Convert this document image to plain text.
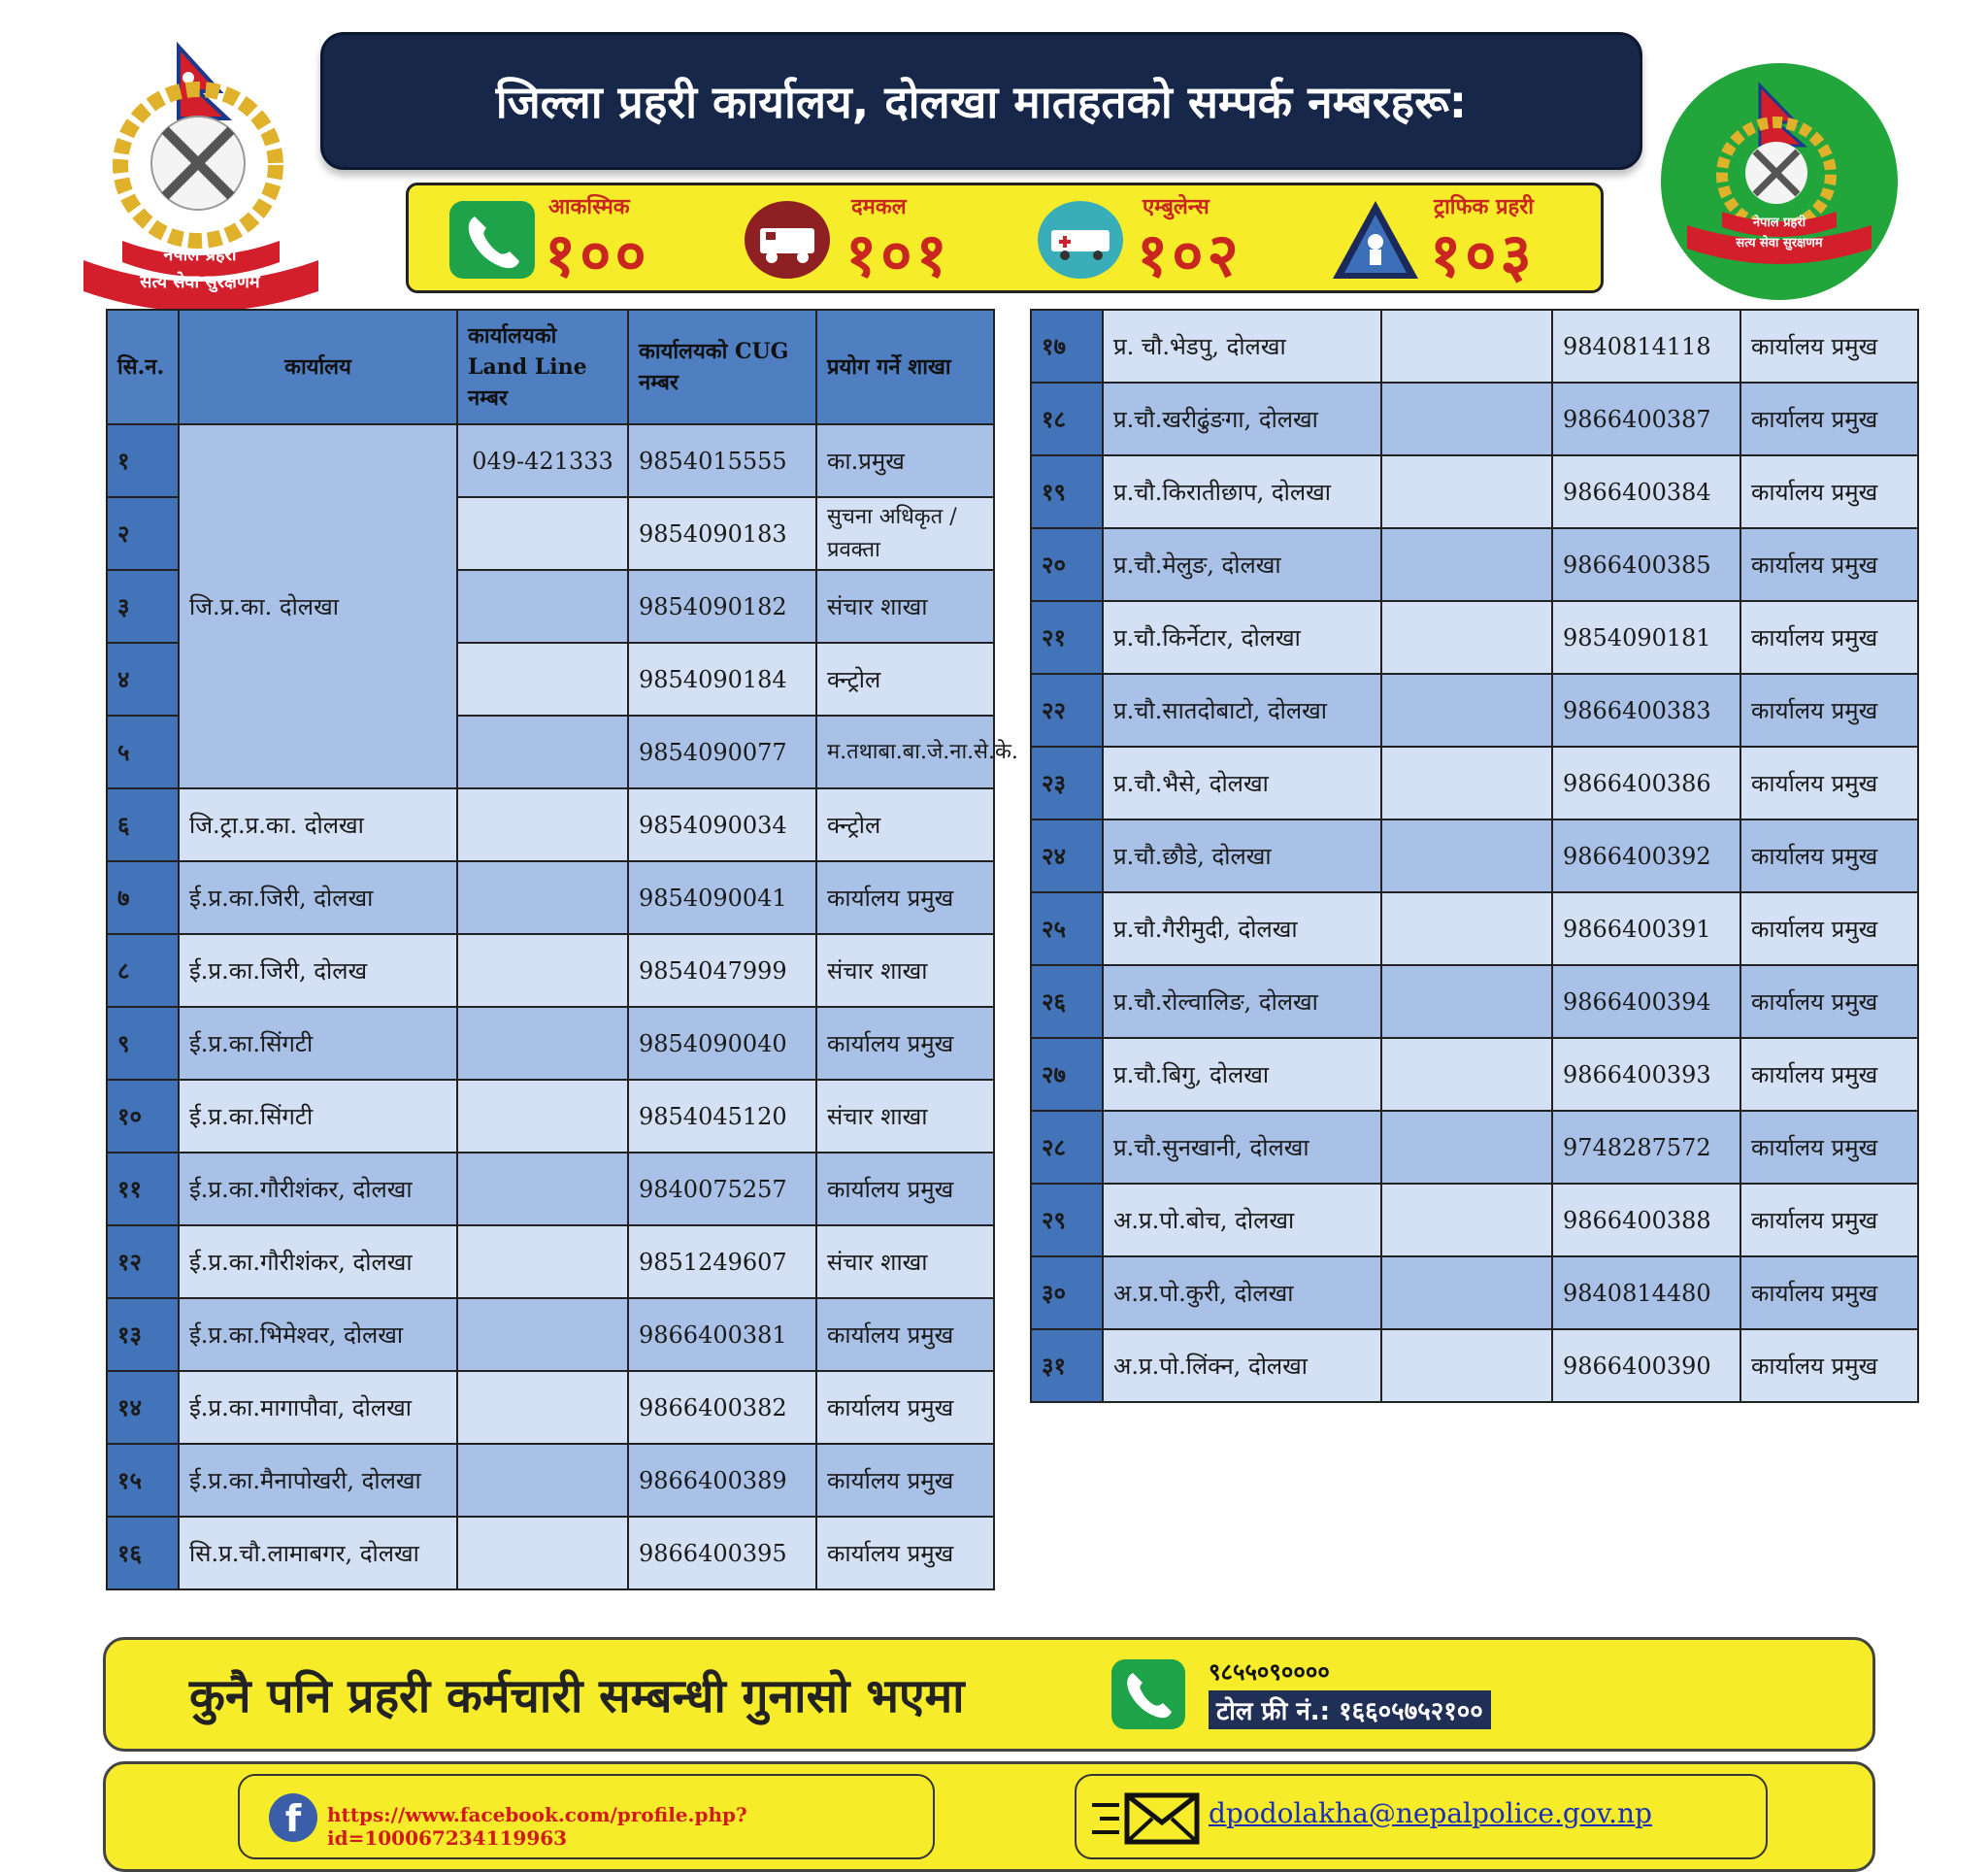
नेपाल प्रहरी
सत्य सेवा सुरक्षणम
जिल्ला प्रहरी कार्यालय, दोलखा मातहतको सम्पर्क नम्बरहरू:
नेपाल प्रहरी
सत्य सेवा सुरक्षणम
आकस्मिक
१००
दमकल
१०१
एम्बुलेन्स
१०२
ट्राफिक प्रहरी
१०३
सि.न.	कार्यालय	कार्यालयको Land Line नम्बर	कार्यालयको CUG नम्बर	प्रयोग गर्ने शाखा
१	जि.प्र.का. दोलखा	049-421333	9854015555	का.प्रमुख
२			9854090183	सुचना अधिकृत /प्रवक्ता
३			9854090182	संचार शाखा
४			9854090184	क्न्ट्रोल
५			9854090077	म.तथाबा.बा.जे.ना.से.के.
६	जि.ट्रा.प्र.का. दोलखा		9854090034	क्न्ट्रोल
७	ई.प्र.का.जिरी, दोलखा		9854090041	कार्यालय प्रमुख
८	ई.प्र.का.जिरी, दोलख		9854047999	संचार शाखा
९	ई.प्र.का.सिंगटी		9854090040	कार्यालय प्रमुख
१०	ई.प्र.का.सिंगटी		9854045120	संचार शाखा
११	ई.प्र.का.गौरीशंकर, दोलखा		9840075257	कार्यालय प्रमुख
१२	ई.प्र.का.गौरीशंकर, दोलखा		9851249607	संचार शाखा
१३	ई.प्र.का.भिमेश्वर, दोलखा		9866400381	कार्यालय प्रमुख
१४	ई.प्र.का.मागापौवा, दोलखा		9866400382	कार्यालय प्रमुख
१५	ई.प्र.का.मैनापोखरी, दोलखा		9866400389	कार्यालय प्रमुख
१६	सि.प्र.चौ.लामाबगर, दोलखा		9866400395	कार्यालय प्रमुख
१७	प्र. चौ.भेडपु, दोलखा		9840814118	कार्यालय प्रमुख
१८	प्र.चौ.खरीढुंङगा, दोलखा		9866400387	कार्यालय प्रमुख
१९	प्र.चौ.किरातीछाप, दोलखा		9866400384	कार्यालय प्रमुख
२०	प्र.चौ.मेलुङ, दोलखा		9866400385	कार्यालय प्रमुख
२१	प्र.चौ.किर्नेटार, दोलखा		9854090181	कार्यालय प्रमुख
२२	प्र.चौ.सातदोबाटो, दोलखा		9866400383	कार्यालय प्रमुख
२३	प्र.चौ.भैसे, दोलखा		9866400386	कार्यालय प्रमुख
२४	प्र.चौ.छौडे, दोलखा		9866400392	कार्यालय प्रमुख
२५	प्र.चौ.गैरीमुदी, दोलखा		9866400391	कार्यालय प्रमुख
२६	प्र.चौ.रोल्वालिङ, दोलखा		9866400394	कार्यालय प्रमुख
२७	प्र.चौ.बिगु, दोलखा		9866400393	कार्यालय प्रमुख
२८	प्र.चौ.सुनखानी, दोलखा		9748287572	कार्यालय प्रमुख
२९	अ.प्र.पो.बोच, दोलखा		9866400388	कार्यालय प्रमुख
३०	अ.प्र.पो.कुरी, दोलखा		9840814480	कार्यालय प्रमुख
३१	अ.प्र.पो.लिंक्न, दोलखा		9866400390	कार्यालय प्रमुख
कुनै पनि प्रहरी कर्मचारी सम्बन्धी गुनासो भएमा	९८५५०९००००
टोल फ्री नं.: १६६०५७५२१००
f	https://www.facebook.com/profile.php?id=100067234119963
dpodolakha@nepalpolice.gov.np
